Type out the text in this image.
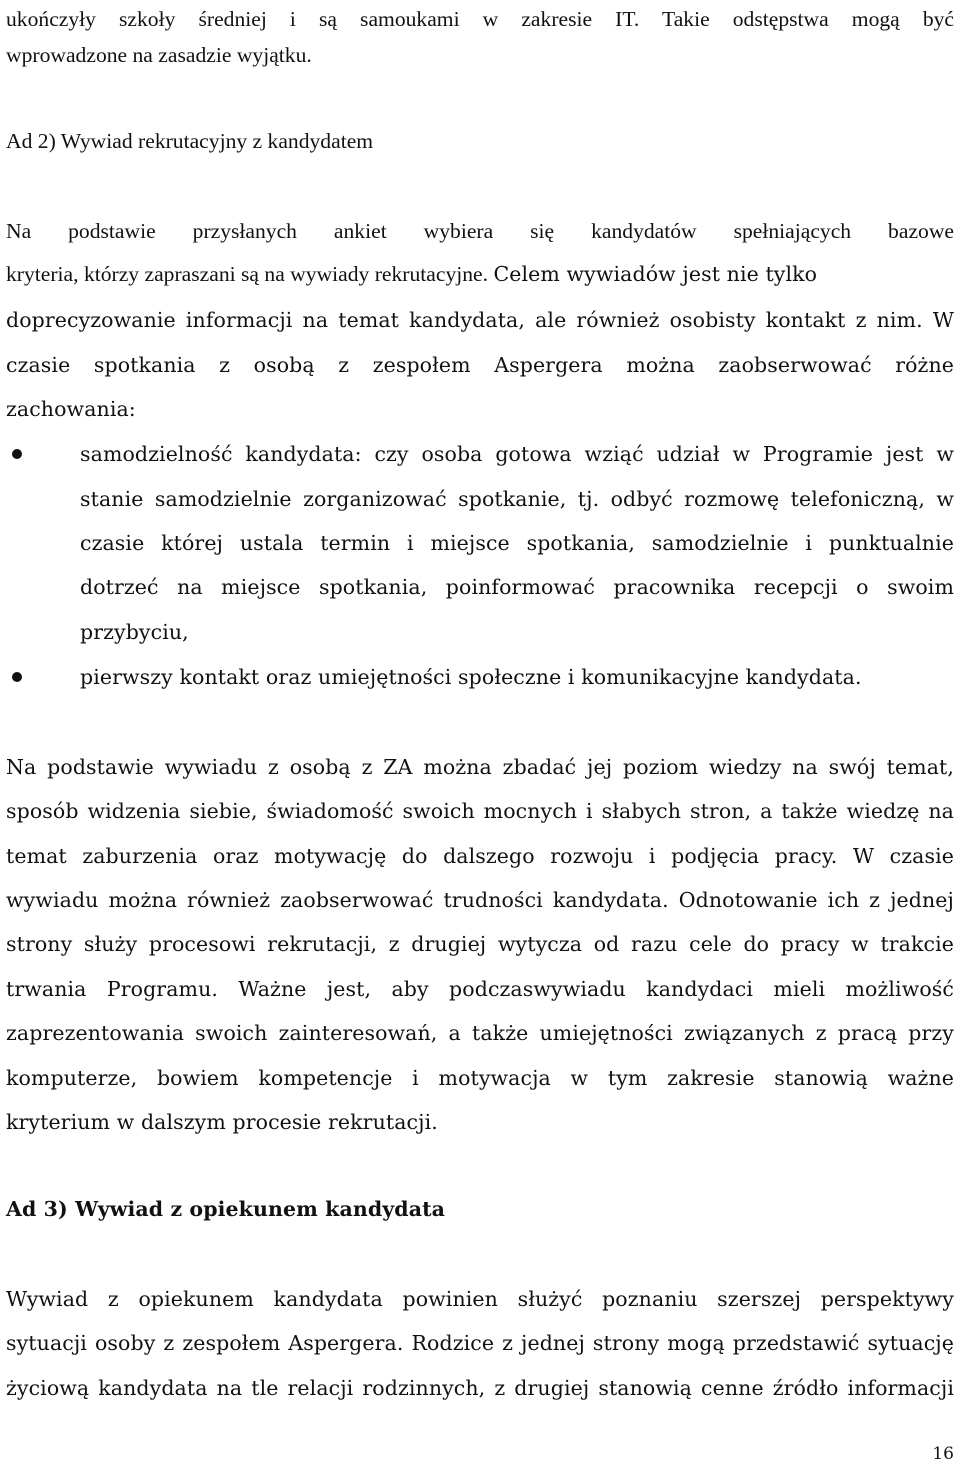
ukończyły szkoły średniej i są samoukami w zakresie IT. Takie odstępstwa mogą być
wprowadzone na zasadzie wyjątku.
Ad 2) Wywiad rekrutacyjny z kandydatem
Na podstawie przysłanych ankiet wybiera się kandydatów spełniających bazowe
kryteria, którzy zapraszani są na wywiady rekrutacyjne. Celem wywiadów jest nie tylko
doprecyzowanie informacji na temat kandydata, ale również osobisty kontakt z nim. W
czasie spotkania z osobą z zespołem Aspergera można zaobserwować różne
zachowania:
samodzielność kandydata: czy osoba gotowa wziąć udział w Programie jest w
stanie samodzielnie zorganizować spotkanie, tj. odbyć rozmowę telefoniczną, w
czasie której ustala termin i miejsce spotkania, samodzielnie i punktualnie
dotrzeć na miejsce spotkania, poinformować pracownika recepcji o swoim
przybyciu,
pierwszy kontakt oraz umiejętności społeczne i komunikacyjne kandydata.
Na podstawie wywiadu z osobą z ZA można zbadać jej poziom wiedzy na swój temat,
sposób widzenia siebie, świadomość swoich mocnych i słabych stron, a także wiedzę na
temat zaburzenia oraz motywację do dalszego rozwoju i podjęcia pracy. W czasie
wywiadu można również zaobserwować trudności kandydata. Odnotowanie ich z jednej
strony służy procesowi rekrutacji, z drugiej wytycza od razu cele do pracy w trakcie
trwania Programu. Ważne jest, aby podczaswywiadu kandydaci mieli możliwość
zaprezentowania swoich zainteresowań, a także umiejętności związanych z pracą przy
komputerze, bowiem kompetencje i motywacja w tym zakresie stanowią ważne
kryterium w dalszym procesie rekrutacji.
Ad 3) Wywiad z opiekunem kandydata
Wywiad z opiekunem kandydata powinien służyć poznaniu szerszej perspektywy
sytuacji osoby z zespołem Aspergera. Rodzice z jednej strony mogą przedstawić sytuację
życiową kandydata na tle relacji rodzinnych, z drugiej stanowią cenne źródło informacji
16
